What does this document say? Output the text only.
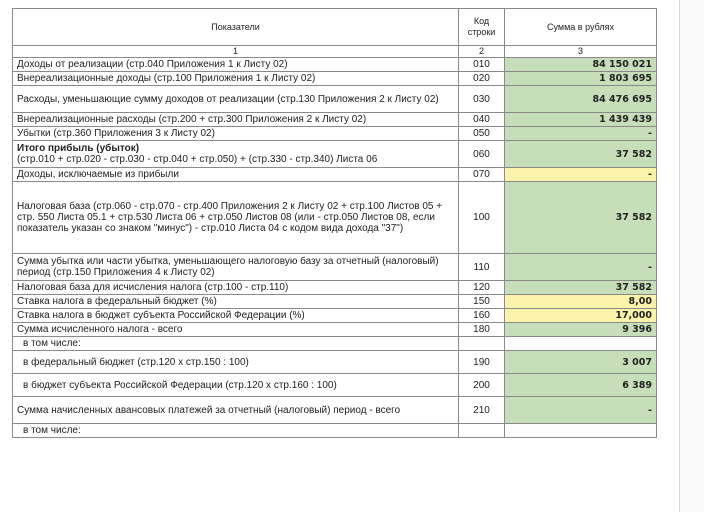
Показатели	Код строки	Сумма в рублях
1	2	3
Доходы от реализации (стр.040 Приложения 1 к Листу 02)	010	84 150 021
Внереализационные доходы (стр.100 Приложения 1 к Листу 02)	020	1 803 695
Расходы, уменьшающие сумму доходов от реализации (стр.130 Приложения 2 к Листу 02)	030	84 476 695
Внереализационные расходы (стр.200 + стр.300 Приложения 2 к Листу 02)	040	1 439 439
Убытки (стр.360 Приложения 3 к Листу 02)	050	-

Итого прибыль (убыток)
(стр.010 + стр.020 - стр.030 - стр.040 + стр.050) + (стр.330 - стр.340) Листа 06	060	37 582
Доходы, исключаемые из прибыли	070	-
Налоговая база (стр.060 - стр.070 - стр.400 Приложения 2 к Листу 02 + стр.100 Листов 05 + стр. 550 Листа 05.1 + стр.530 Листа 06 + стр.050 Листов 08 (или - стр.050 Листов 08, если показатель указан со знаком "минус") - стр.010 Листа 04 с кодом вида дохода "37")	100	37 582
Сумма убытка или части убытка, уменьшающего налоговую базу за отчетный (налоговый) период (стр.150 Приложения 4 к Листу 02)	110	-
Налоговая база для исчисления налога (стр.100 - стр.110)	120	37 582
Ставка налога в федеральный бюджет (%)	150	8,00
Ставка налога в бюджет субъекта Российской Федерации (%)	160	17,000
Сумма исчисленного налога - всего	180	9 396
в том числе:		
в федеральный бюджет (стр.120 х стр.150 : 100)	190	3 007
в бюджет субъекта Российской Федерации (стр.120 х стр.160 : 100)	200	6 389
Сумма начисленных авансовых платежей за отчетный (налоговый) период - всего	210	-
в том числе:		
